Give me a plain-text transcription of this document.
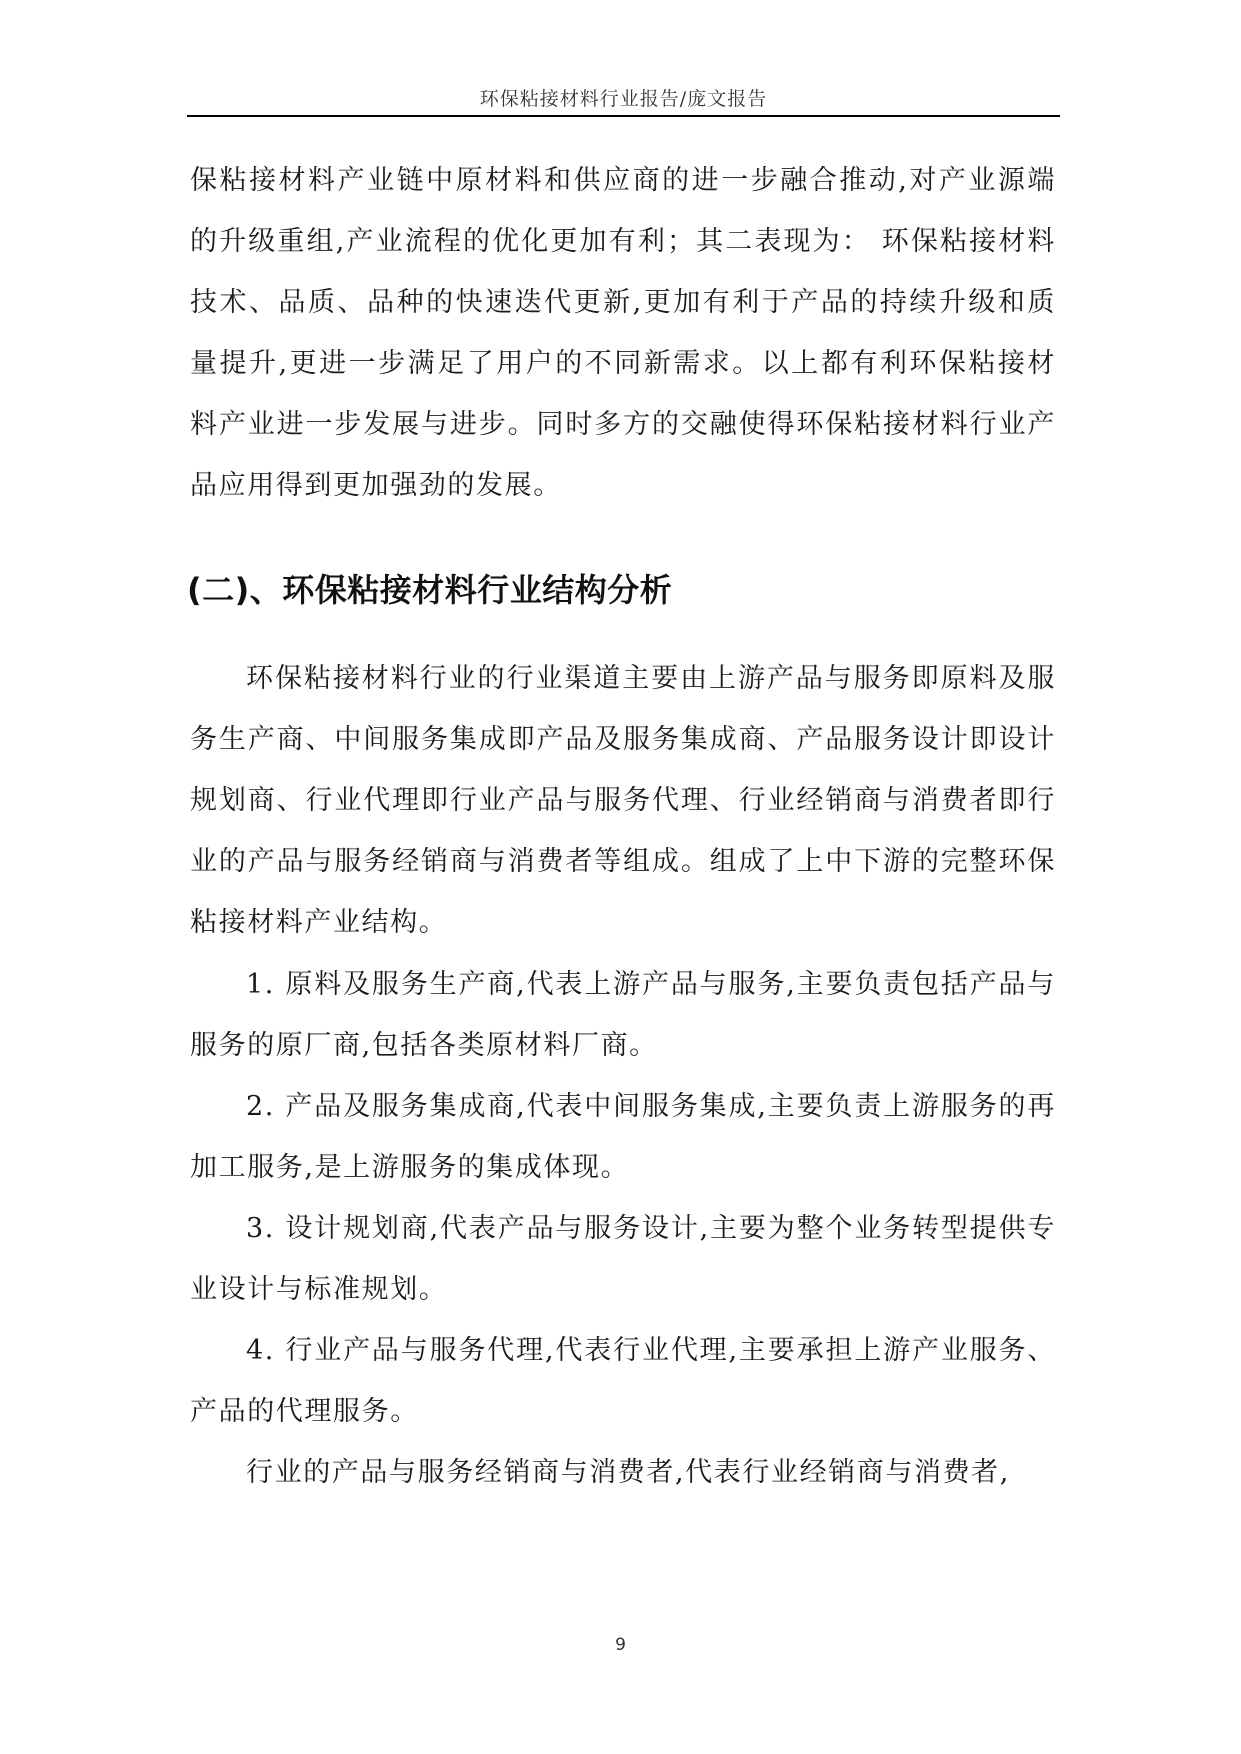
环保粘接材料行业报告/庞文报告

保粘接材料产业链中原材料和供应商的进一步融合推动,对产业源端的升级重组,产业流程的优化更加有利；其二表现为： 环保粘接材料技术、品质、品种的快速迭代更新,更加有利于产品的持续升级和质量提升,更进一步满足了用户的不同新需求。以上都有利环保粘接材料产业进一步发展与进步。同时多方的交融使得环保粘接材料行业产品应用得到更加强劲的发展。

(二)、环保粘接材料行业结构分析

环保粘接材料行业的行业渠道主要由上游产品与服务即原料及服务生产商、中间服务集成即产品及服务集成商、产品服务设计即设计规划商、行业代理即行业产品与服务代理、行业经销商与消费者即行业的产品与服务经销商与消费者等组成。组成了上中下游的完整环保粘接材料产业结构。

1. 原料及服务生产商,代表上游产品与服务,主要负责包括产品与服务的原厂商,包括各类原材料厂商。

2. 产品及服务集成商,代表中间服务集成,主要负责上游服务的再加工服务,是上游服务的集成体现。

3. 设计规划商,代表产品与服务设计,主要为整个业务转型提供专业设计与标准规划。

4. 行业产品与服务代理,代表行业代理,主要承担上游产业服务、产品的代理服务。

行业的产品与服务经销商与消费者,代表行业经销商与消费者,

9
